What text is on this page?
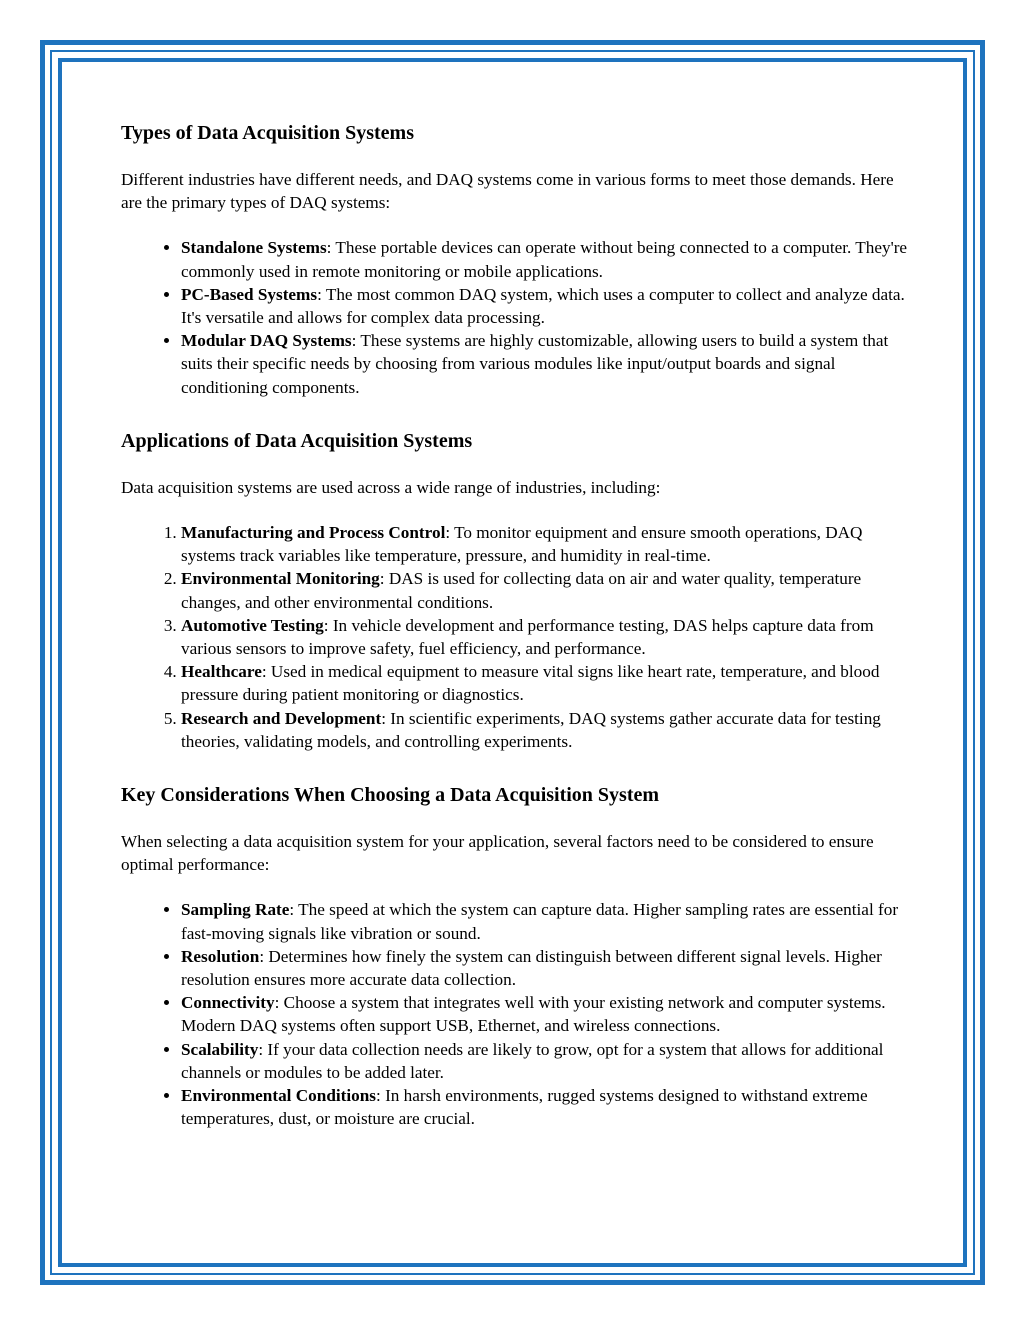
Types of Data Acquisition Systems

Different industries have different needs, and DAQ systems come in various forms to meet those demands. Here are the primary types of DAQ systems:

• Standalone Systems: These portable devices can operate without being connected to a computer. They're commonly used in remote monitoring or mobile applications.
• PC-Based Systems: The most common DAQ system, which uses a computer to collect and analyze data. It's versatile and allows for complex data processing.
• Modular DAQ Systems: These systems are highly customizable, allowing users to build a system that suits their specific needs by choosing from various modules like input/output boards and signal conditioning components.
Applications of Data Acquisition Systems

Data acquisition systems are used across a wide range of industries, including:

1. Manufacturing and Process Control: To monitor equipment and ensure smooth operations, DAQ systems track variables like temperature, pressure, and humidity in real-time.
2. Environmental Monitoring: DAS is used for collecting data on air and water quality, temperature changes, and other environmental conditions.
3. Automotive Testing: In vehicle development and performance testing, DAS helps capture data from various sensors to improve safety, fuel efficiency, and performance.
4. Healthcare: Used in medical equipment to measure vital signs like heart rate, temperature, and blood pressure during patient monitoring or diagnostics.
5. Research and Development: In scientific experiments, DAQ systems gather accurate data for testing theories, validating models, and controlling experiments.
Key Considerations When Choosing a Data Acquisition System

When selecting a data acquisition system for your application, several factors need to be considered to ensure optimal performance:

• Sampling Rate: The speed at which the system can capture data. Higher sampling rates are essential for fast-moving signals like vibration or sound.
• Resolution: Determines how finely the system can distinguish between different signal levels. Higher resolution ensures more accurate data collection.
• Connectivity: Choose a system that integrates well with your existing network and computer systems. Modern DAQ systems often support USB, Ethernet, and wireless connections.
• Scalability: If your data collection needs are likely to grow, opt for a system that allows for additional channels or modules to be added later.
• Environmental Conditions: In harsh environments, rugged systems designed to withstand extreme temperatures, dust, or moisture are crucial.
